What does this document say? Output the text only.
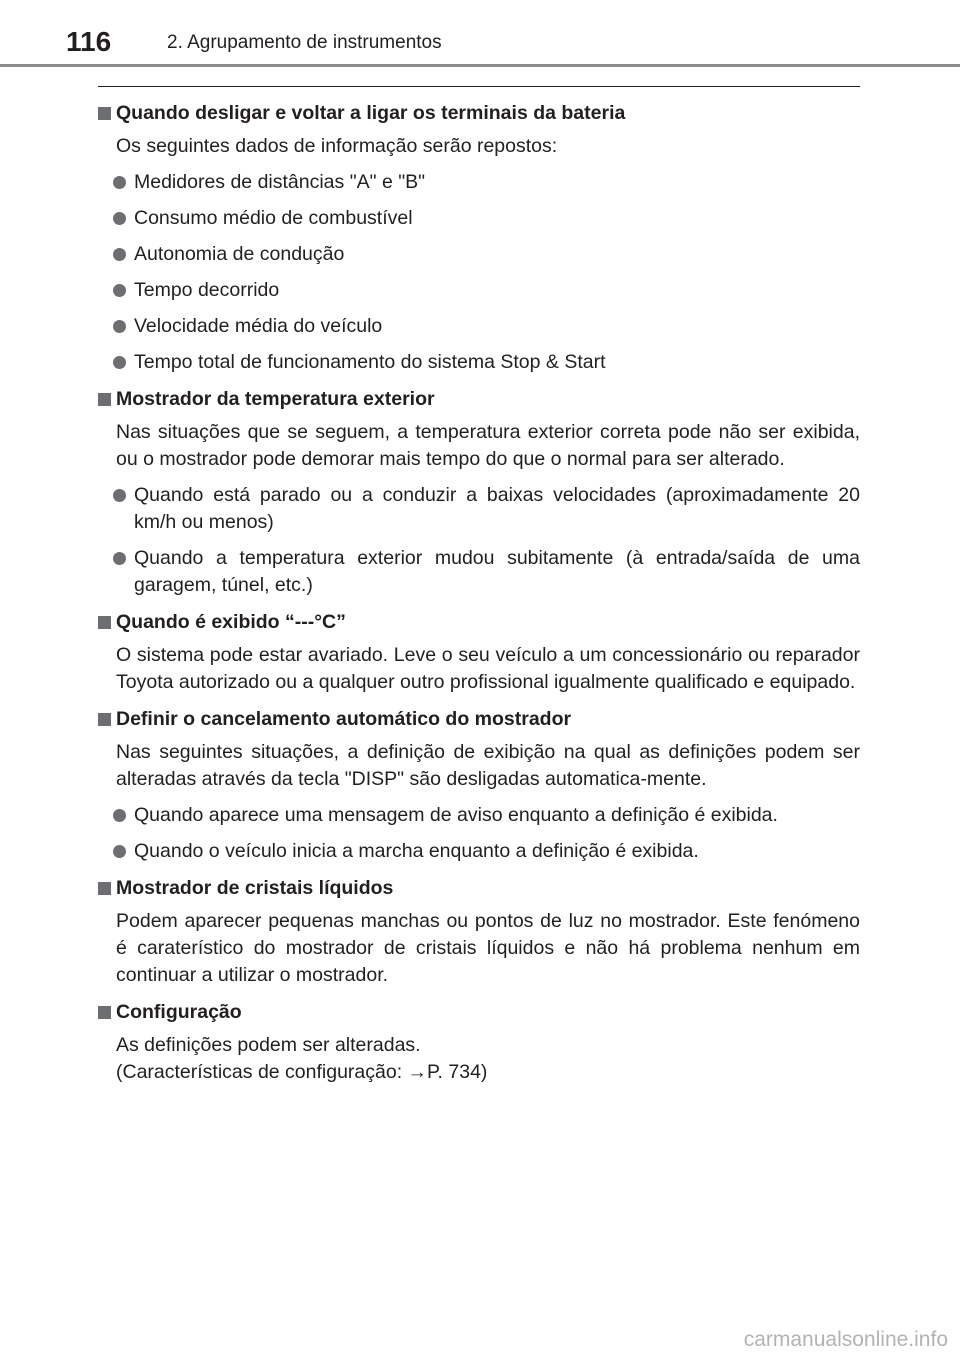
116	2. Agrupamento de instrumentos
Quando desligar e voltar a ligar os terminais da bateria
Os seguintes dados de informação serão repostos:
Medidores de distâncias "A" e "B"
Consumo médio de combustível
Autonomia de condução
Tempo decorrido
Velocidade média do veículo
Tempo total de funcionamento do sistema Stop & Start
Mostrador da temperatura exterior
Nas situações que se seguem, a temperatura exterior correta pode não ser exibida, ou o mostrador pode demorar mais tempo do que o normal para ser alterado.
Quando está parado ou a conduzir a baixas velocidades (aproximadamente 20 km/h ou menos)
Quando a temperatura exterior mudou subitamente (à entrada/saída de uma garagem, túnel, etc.)
Quando é exibido “---°C”
O sistema pode estar avariado. Leve o seu veículo a um concessionário ou reparador Toyota autorizado ou a qualquer outro profissional igualmente qualificado e equipado.
Definir o cancelamento automático do mostrador
Nas seguintes situações, a definição de exibição na qual as definições podem ser alteradas através da tecla "DISP" são desligadas automatica-mente.
Quando aparece uma mensagem de aviso enquanto a definição é exibida.
Quando o veículo inicia a marcha enquanto a definição é exibida.
Mostrador de cristais líquidos
Podem aparecer pequenas manchas ou pontos de luz no mostrador. Este fenómeno é caraterístico do mostrador de cristais líquidos e não há problema nenhum em continuar a utilizar o mostrador.
Configuração
As definições podem ser alteradas.
(Características de configuração: →P. 734)
carmanualsonline.info
